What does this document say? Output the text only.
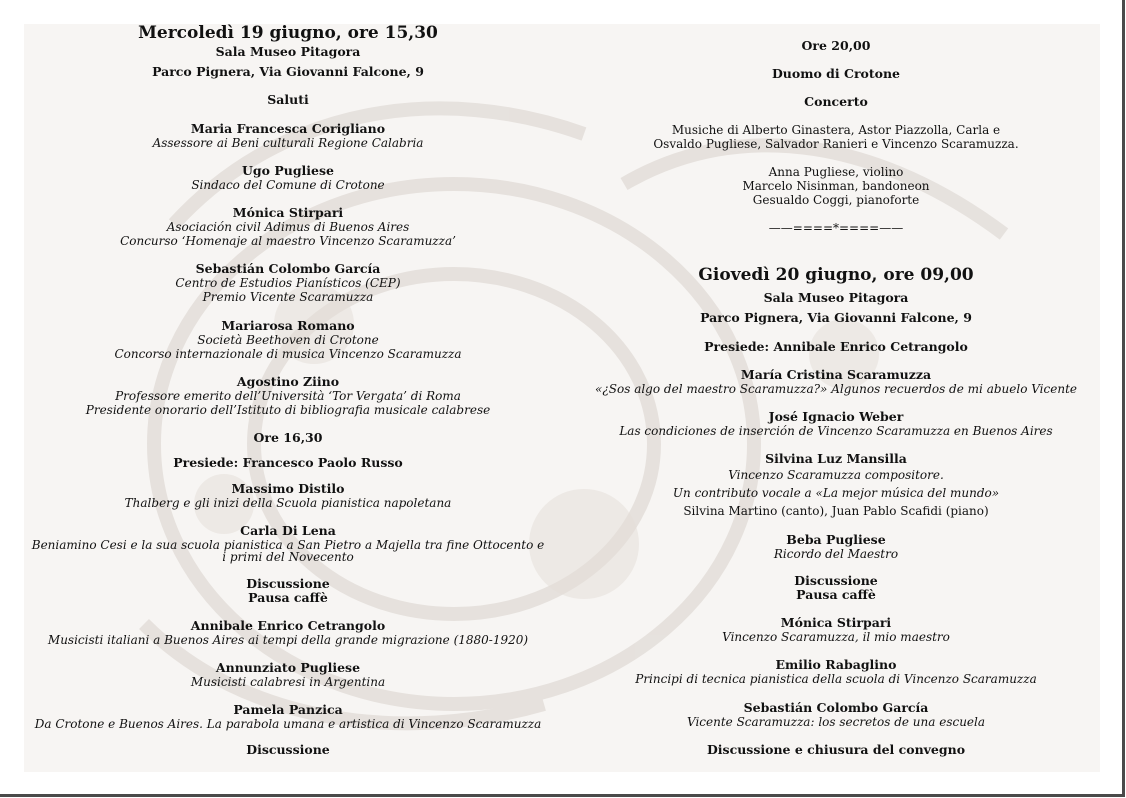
Mercoledì 19 giugno, ore 15,30
Sala Museo Pitagora
Parco Pignera, Via Giovanni Falcone, 9
Saluti
Maria Francesca Corigliano
Assessore ai Beni culturali Regione Calabria
Ugo Pugliese
Sindaco del Comune di Crotone
Mónica Stirpari
Asociación civil Adimus di Buenos Aires
Concurso ‘Homenaje al maestro Vincenzo Scaramuzza’
Sebastián Colombo García
Centro de Estudios Pianísticos (CEP)
Premio Vicente Scaramuzza
Mariarosa Romano
Società Beethoven di Crotone
Concorso internazionale di musica Vincenzo Scaramuzza
Agostino Ziino
Professore emerito dell’Università ‘Tor Vergata’ di Roma
Presidente onorario dell’Istituto di bibliografia musicale calabrese
Ore 16,30
Presiede: Francesco Paolo Russo
Massimo Distilo
Thalberg e gli inizi della Scuola pianistica napoletana
Carla Di Lena
Beniamino Cesi e la sua scuola pianistica a San Pietro a Majella tra fine Ottocento e
i primi del Novecento
Discussione
Pausa caffè
Annibale Enrico Cetrangolo
Musicisti italiani a Buenos Aires ai tempi della grande migrazione (1880-1920)
Annunziato Pugliese
Musicisti calabresi in Argentina
Pamela Panzica
Da Crotone e Buenos Aires. La parabola umana e artistica di Vincenzo Scaramuzza
Discussione
Ore 20,00
Duomo di Crotone
Concerto
Musiche di Alberto Ginastera, Astor Piazzolla, Carla e
Osvaldo Pugliese, Salvador Ranieri e Vincenzo Scaramuzza.
Anna Pugliese, violino
Marcelo Nisinman, bandoneon
Gesualdo Coggi, pianoforte
——====*====——
Giovedì 20 giugno, ore 09,00
Sala Museo Pitagora
Parco Pignera, Via Giovanni Falcone, 9
Presiede: Annibale Enrico Cetrangolo
María Cristina Scaramuzza
«¿Sos algo del maestro Scaramuzza?» Algunos recuerdos de mi abuelo Vicente
José Ignacio Weber
Las condiciones de inserción de Vincenzo Scaramuzza en Buenos Aires
Silvina Luz Mansilla
Vincenzo Scaramuzza compositore.
Un contributo vocale a «La mejor música del mundo»
Silvina Martino (canto), Juan Pablo Scafidi (piano)
Beba Pugliese
Ricordo del Maestro
Discussione
Pausa caffè
Mónica Stirpari
Vincenzo Scaramuzza, il mio maestro
Emilio Rabaglino
Principi di tecnica pianistica della scuola di Vincenzo Scaramuzza
Sebastián Colombo García
Vicente Scaramuzza: los secretos de una escuela
Discussione e chiusura del convegno
